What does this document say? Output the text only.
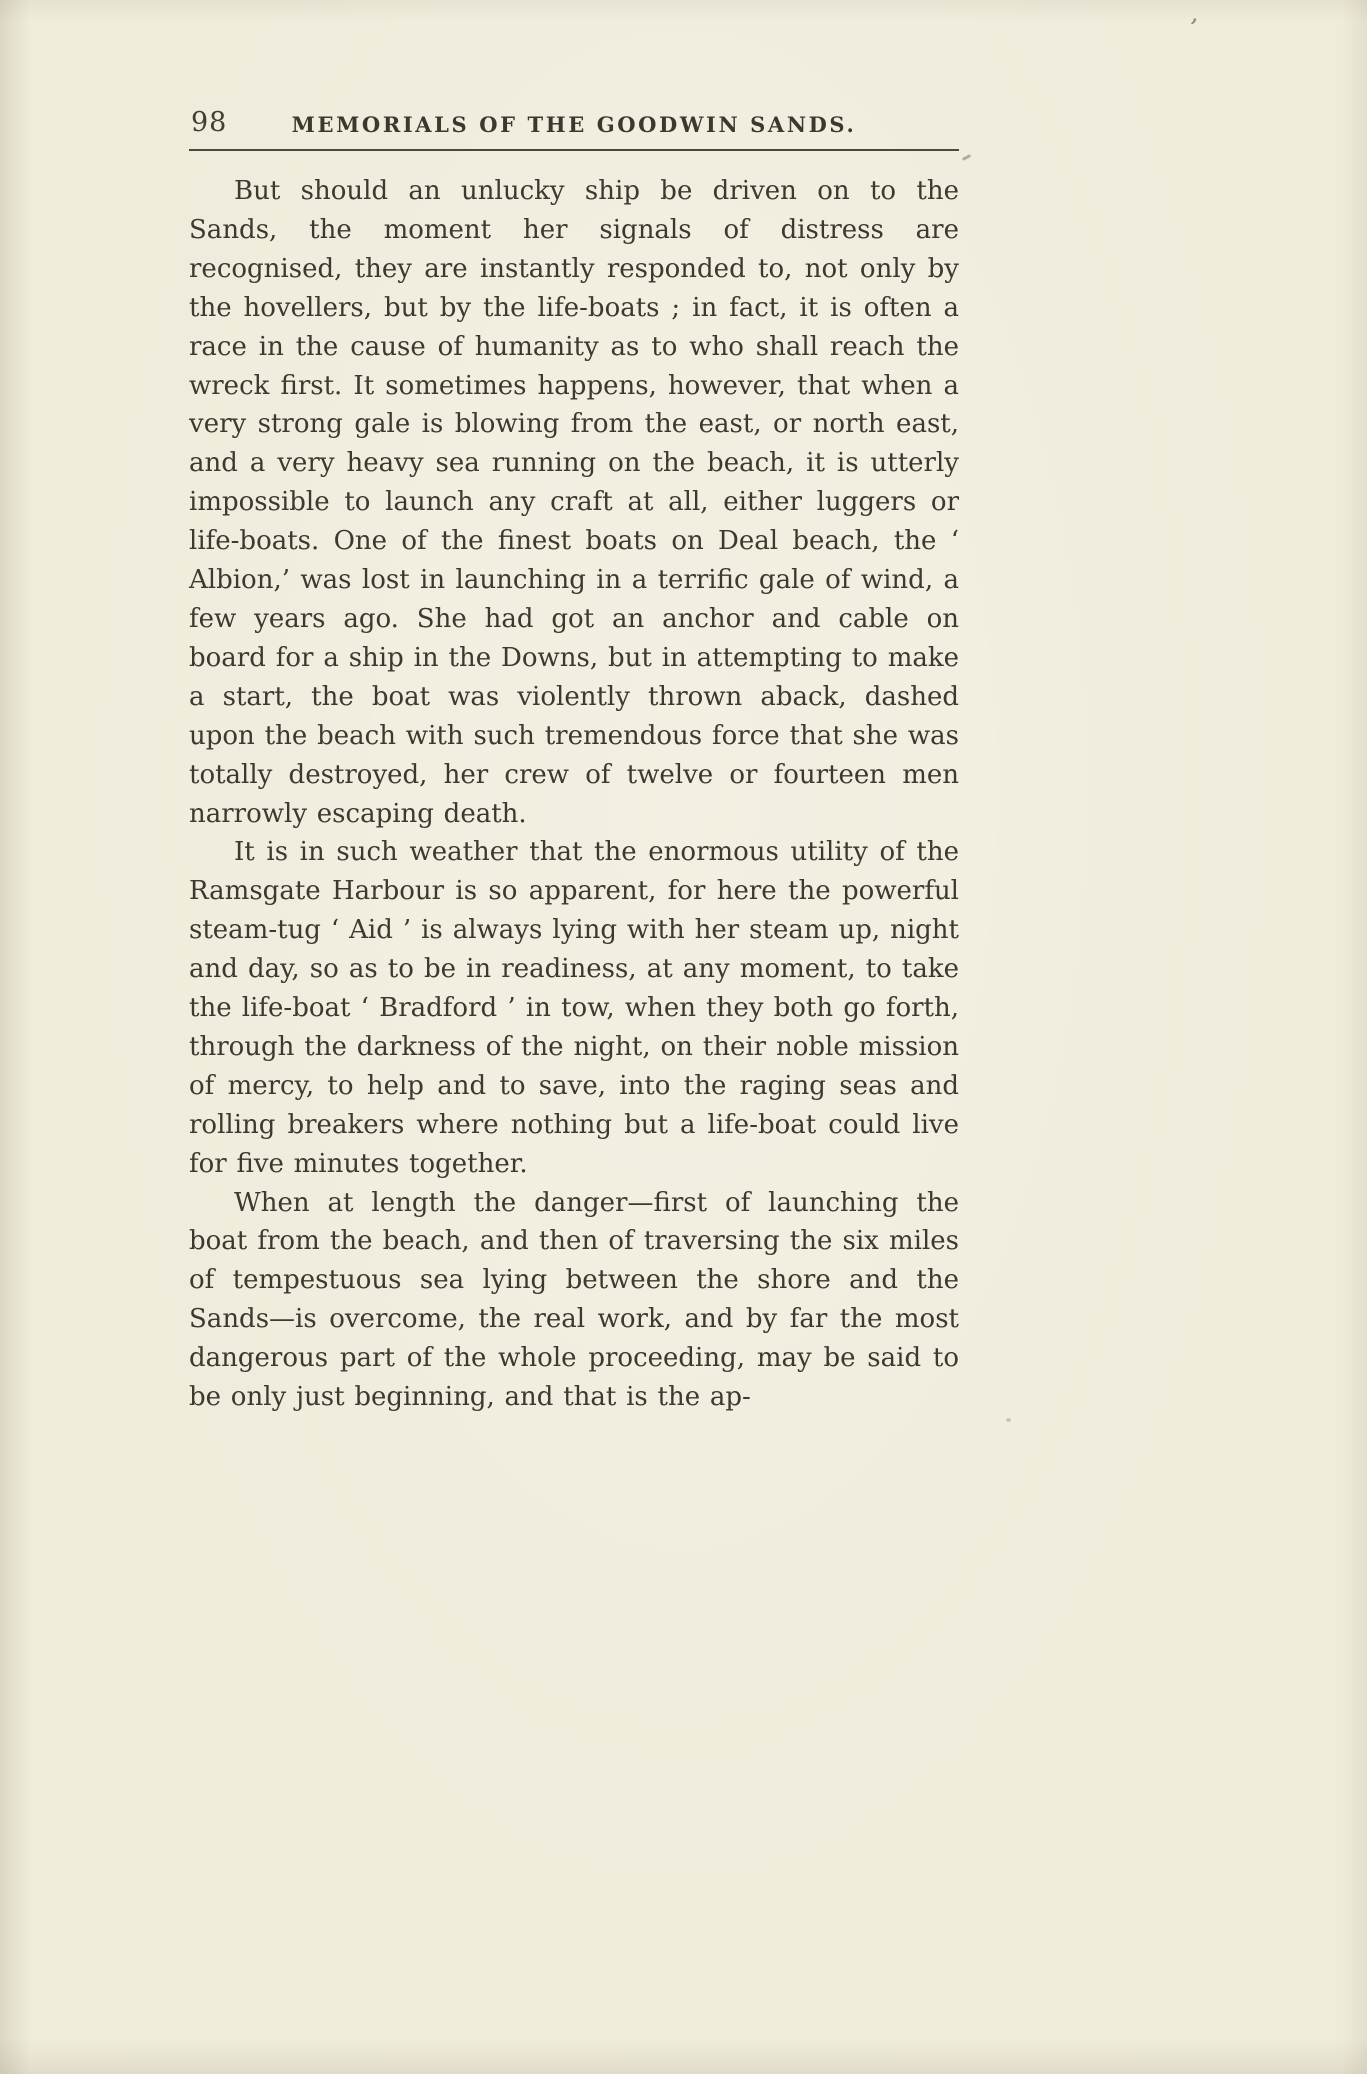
’
98	MEMORIALS OF THE GOODWIN SANDS.

But should an unlucky ship be driven on to the Sands, the moment her signals of distress are recognised, they are instantly responded to, not only by the hovellers, but by the life-boats ; in fact, it is often a race in the cause of humanity as to who shall reach the wreck first. It sometimes happens, however, that when a very strong gale is blowing from the east, or north east, and a very heavy sea running on the beach, it is utterly impossible to launch any craft at all, either luggers or life-boats. One of the finest boats on Deal beach, the ‘ Albion,’ was lost in launching in a terrific gale of wind, a few years ago. She had got an anchor and cable on board for a ship in the Downs, but in attempting to make a start, the boat was violently thrown aback, dashed upon the beach with such tremendous force that she was totally destroyed, her crew of twelve or fourteen men narrowly escaping death.

It is in such weather that the enormous utility of the Ramsgate Harbour is so apparent, for here the powerful steam-tug ‘ Aid ’ is always lying with her steam up, night and day, so as to be in readiness, at any moment, to take the life-boat ‘ Bradford ’ in tow, when they both go forth, through the darkness of the night, on their noble mission of mercy, to help and to save, into the raging seas and rolling breakers where nothing but a life-boat could live for five minutes together.

When at length the danger—first of launching the boat from the beach, and then of traversing the six miles of tempestuous sea lying between the shore and the Sands—is overcome, the real work, and by far the most dangerous part of the whole proceeding, may be said to be only just beginning, and that is the ap-
